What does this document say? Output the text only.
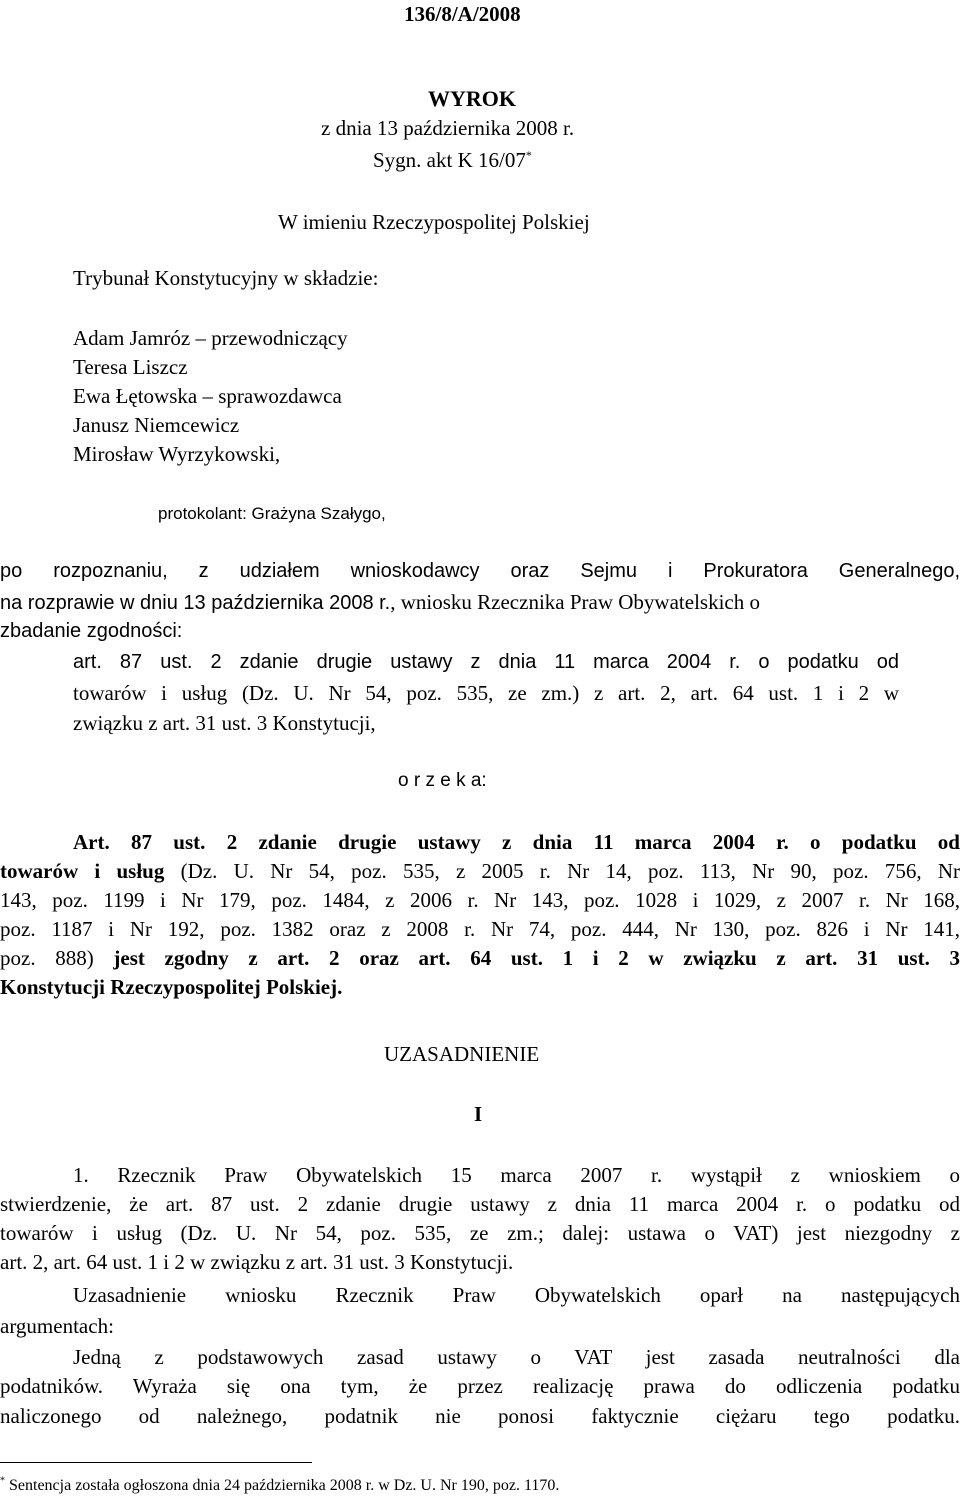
136/8/A/2008
WYROK
z dnia 13 października 2008 r.
Sygn. akt K 16/07*
W imieniu Rzeczypospolitej Polskiej
Trybunał Konstytucyjny w składzie:
Adam Jamróz – przewodniczący
Teresa Liszcz
Ewa Łętowska – sprawozdawca
Janusz Niemcewicz
Mirosław Wyrzykowski,
protokolant: Grażyna Szałygo,
po rozpoznaniu, z udziałem wnioskodawcy oraz Sejmu i Prokuratora Generalnego,
na rozprawie w dniu 13 października 2008 r., wniosku Rzecznika Praw Obywatelskich o
zbadanie zgodności:
art. 87 ust. 2 zdanie drugie ustawy z dnia 11 marca 2004 r. o podatku od
towarów i usług (Dz. U. Nr 54, poz. 535, ze zm.) z art. 2, art. 64 ust. 1 i 2 w
związku z art. 31 ust. 3 Konstytucji,
o r z e k a:
Art. 87 ust. 2 zdanie drugie ustawy z dnia 11 marca 2004 r. o podatku od
towarów i usług (Dz. U. Nr 54, poz. 535, z 2005 r. Nr 14, poz. 113, Nr 90, poz. 756, Nr
143, poz. 1199 i Nr 179, poz. 1484, z 2006 r. Nr 143, poz. 1028 i 1029, z 2007 r. Nr 168,
poz. 1187 i Nr 192, poz. 1382 oraz z 2008 r. Nr 74, poz. 444, Nr 130, poz. 826 i Nr 141,
poz. 888) jest zgodny z art. 2 oraz art. 64 ust. 1 i 2 w związku z art. 31 ust. 3
Konstytucji Rzeczypospolitej Polskiej.
UZASADNIENIE
I
1. Rzecznik Praw Obywatelskich 15 marca 2007 r. wystąpił z wnioskiem o
stwierdzenie, że art. 87 ust. 2 zdanie drugie ustawy z dnia 11 marca 2004 r. o podatku od
towarów i usług (Dz. U. Nr 54, poz. 535, ze zm.; dalej: ustawa o VAT) jest niezgodny z
art. 2, art. 64 ust. 1 i 2 w związku z art. 31 ust. 3 Konstytucji.
Uzasadnienie wniosku Rzecznik Praw Obywatelskich oparł na następujących
argumentach:
Jedną z podstawowych zasad ustawy o VAT jest zasada neutralności dla
podatników. Wyraża się ona tym, że przez realizację prawa do odliczenia podatku
naliczonego od należnego, podatnik nie ponosi faktycznie ciężaru tego podatku.
* Sentencja została ogłoszona dnia 24 października 2008 r. w Dz. U. Nr 190, poz. 1170.
